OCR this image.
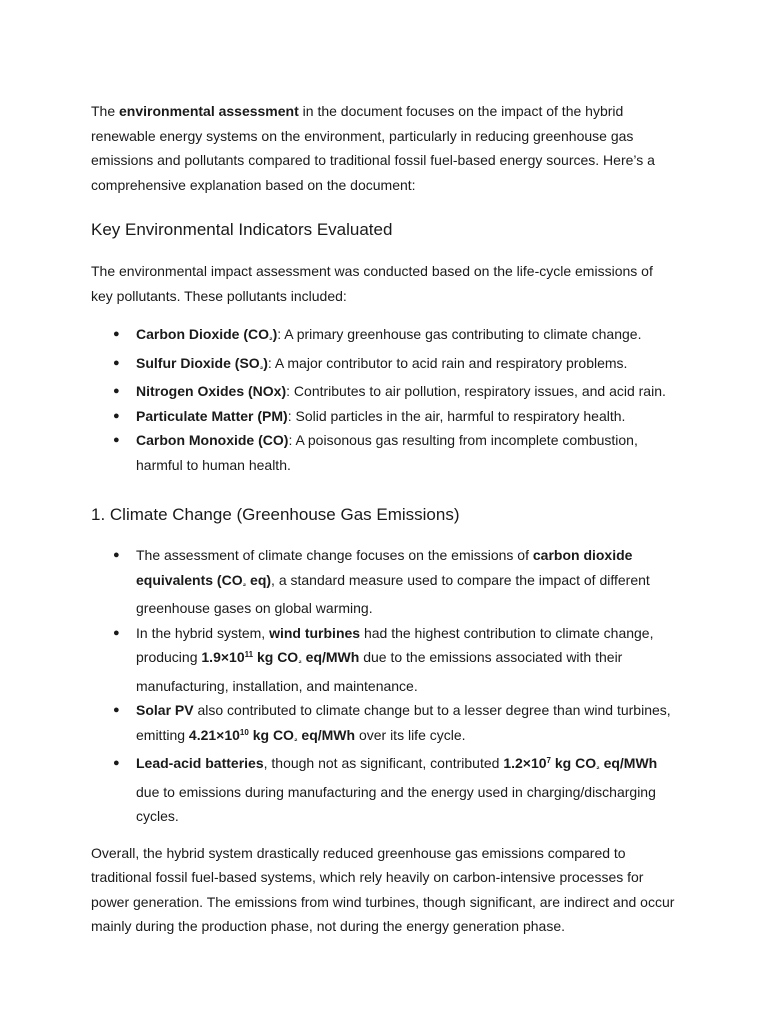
The environmental assessment in the document focuses on the impact of the hybrid renewable energy systems on the environment, particularly in reducing greenhouse gas emissions and pollutants compared to traditional fossil fuel-based energy sources. Here’s a comprehensive explanation based on the document:

Key Environmental Indicators Evaluated

The environmental impact assessment was conducted based on the life-cycle emissions of key pollutants. These pollutants included:

● Carbon Dioxide (CO₂): A primary greenhouse gas contributing to climate change.
● Sulfur Dioxide (SO₂): A major contributor to acid rain and respiratory problems.
● Nitrogen Oxides (NOx): Contributes to air pollution, respiratory issues, and acid rain.
● Particulate Matter (PM): Solid particles in the air, harmful to respiratory health.
● Carbon Monoxide (CO): A poisonous gas resulting from incomplete combustion, harmful to human health.
1. Climate Change (Greenhouse Gas Emissions)
● The assessment of climate change focuses on the emissions of carbon dioxide equivalents (CO₂ eq), a standard measure used to compare the impact of different greenhouse gases on global warming.
● In the hybrid system, wind turbines had the highest contribution to climate change, producing $1.9\times 10^{11}$ kg CO₂ eq/MWh due to the emissions associated with their manufacturing, installation, and maintenance.
● Solar PV also contributed to climate change but to a lesser degree than wind turbines, emitting $4.21\times 10^{10}$ kg CO₂ eq/MWh over its life cycle.
● Lead-acid batteries, though not as significant, contributed $1.2\times 10^7$ kg CO₂ eq/MWh due to emissions during manufacturing and the energy used in charging/discharging cycles.

Overall, the hybrid system drastically reduced greenhouse gas emissions compared to traditional fossil fuel-based systems, which rely heavily on carbon-intensive processes for power generation. The emissions from wind turbines, though significant, are indirect and occur mainly during the production phase, not during the energy generation phase.
